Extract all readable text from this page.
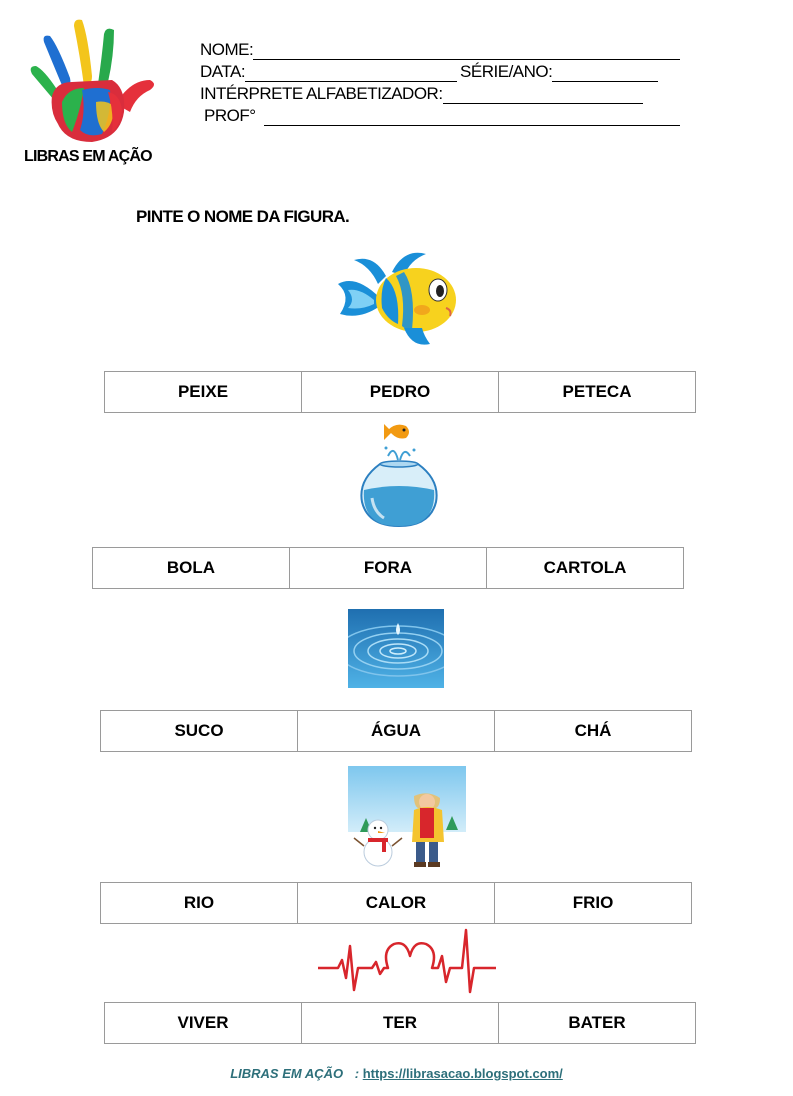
LIBRAS EM AÇÃO
NOME:
DATA:	SÉRIE/ANO:
INTÉRPRETE ALFABETIZADOR:
PROF°
PINTE O NOME DA FIGURA.
PEIXE	PEDRO	PETECA
BOLA	FORA	CARTOLA
SUCO	ÁGUA	CHÁ
RIO	CALOR	FRIO
VIVER	TER	BATER
LIBRAS EM AÇÃO : https://librasacao.blogspot.com/
